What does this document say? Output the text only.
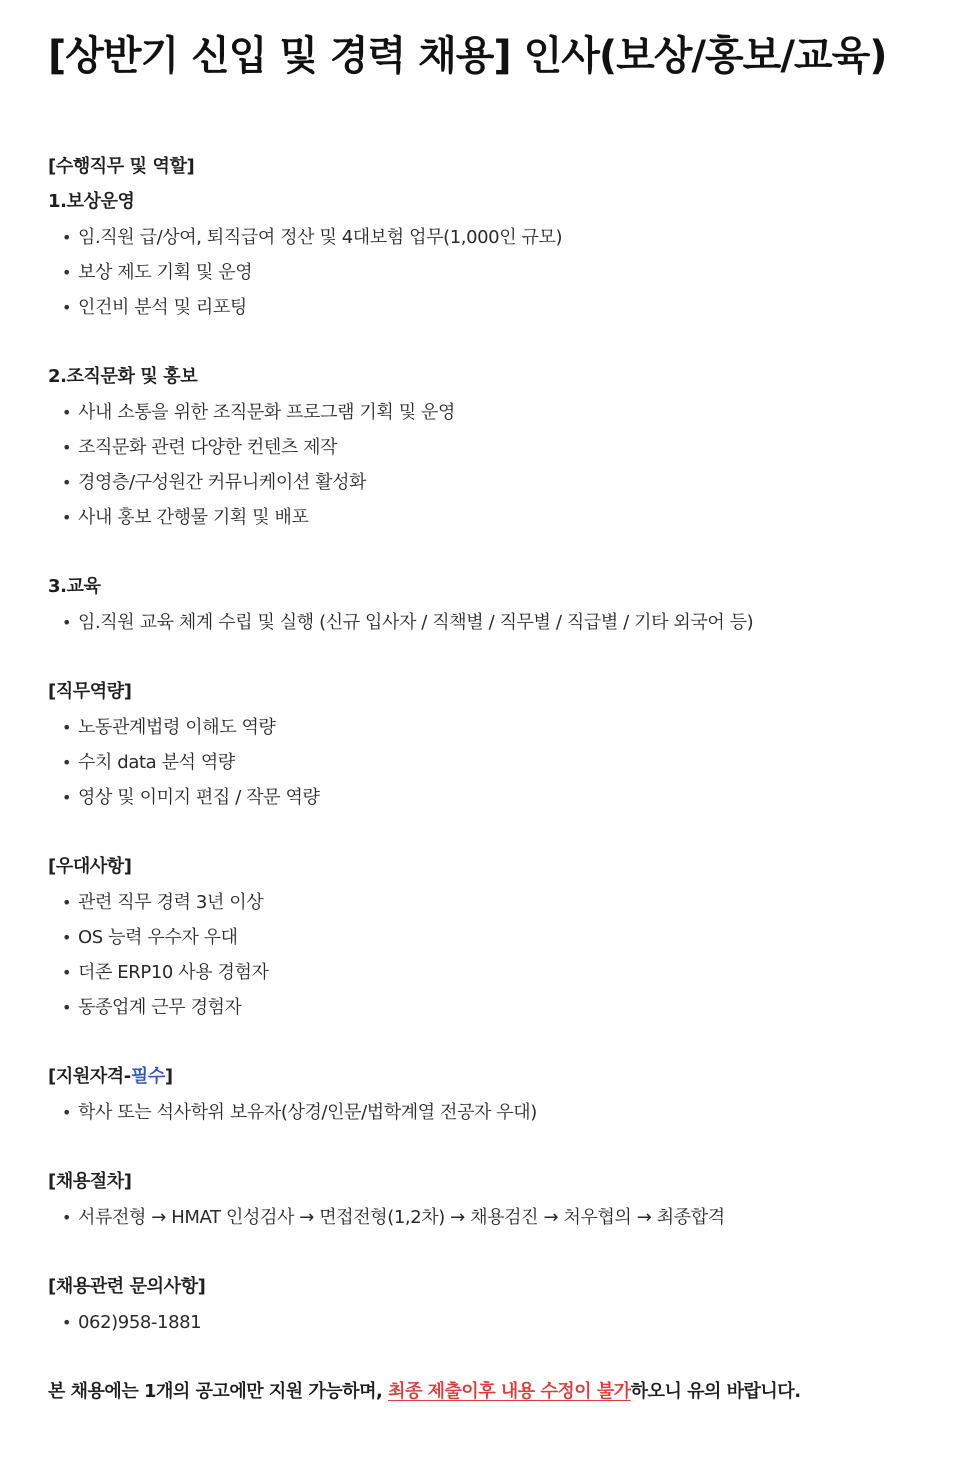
[상반기 신입 및 경력 채용] 인사(보상/홍보/교육)
[수행직무 및 역할]
1.보상운영
• 임.직원 급/상여, 퇴직급여 정산 및 4대보험 업무(1,000인 규모)
• 보상 제도 기획 및 운영
• 인건비 분석 및 리포팅
2.조직문화 및 홍보
• 사내 소통을 위한 조직문화 프로그램 기획 및 운영
• 조직문화 관련 다양한 컨텐츠 제작
• 경영층/구성원간 커뮤니케이션 활성화
• 사내 홍보 간행물 기획 및 배포
3.교육
• 임.직원 교육 체계 수립 및 실행 (신규 입사자 / 직책별 / 직무별 / 직급별 / 기타 외국어 등)
[직무역량]
• 노동관계법령 이해도 역량
• 수치 data 분석 역량
• 영상 및 이미지 편집 / 작문 역량
[우대사항]
• 관련 직무 경력 3년 이상
• OS 능력 우수자 우대
• 더존 ERP10 사용 경험자
• 동종업계 근무 경험자
[지원자격-필수]
• 학사 또는 석사학위 보유자(상경/인문/법학계열 전공자 우대)
[채용절차]
• 서류전형 → HMAT 인성검사 → 면접전형(1,2차) → 채용검진 → 처우협의 → 최종합격
[채용관련 문의사항]
• 062)958-1881

본 채용에는 1개의 공고에만 지원 가능하며, 최종 제출이후 내용 수정이 불가하오니 유의 바랍니다.
